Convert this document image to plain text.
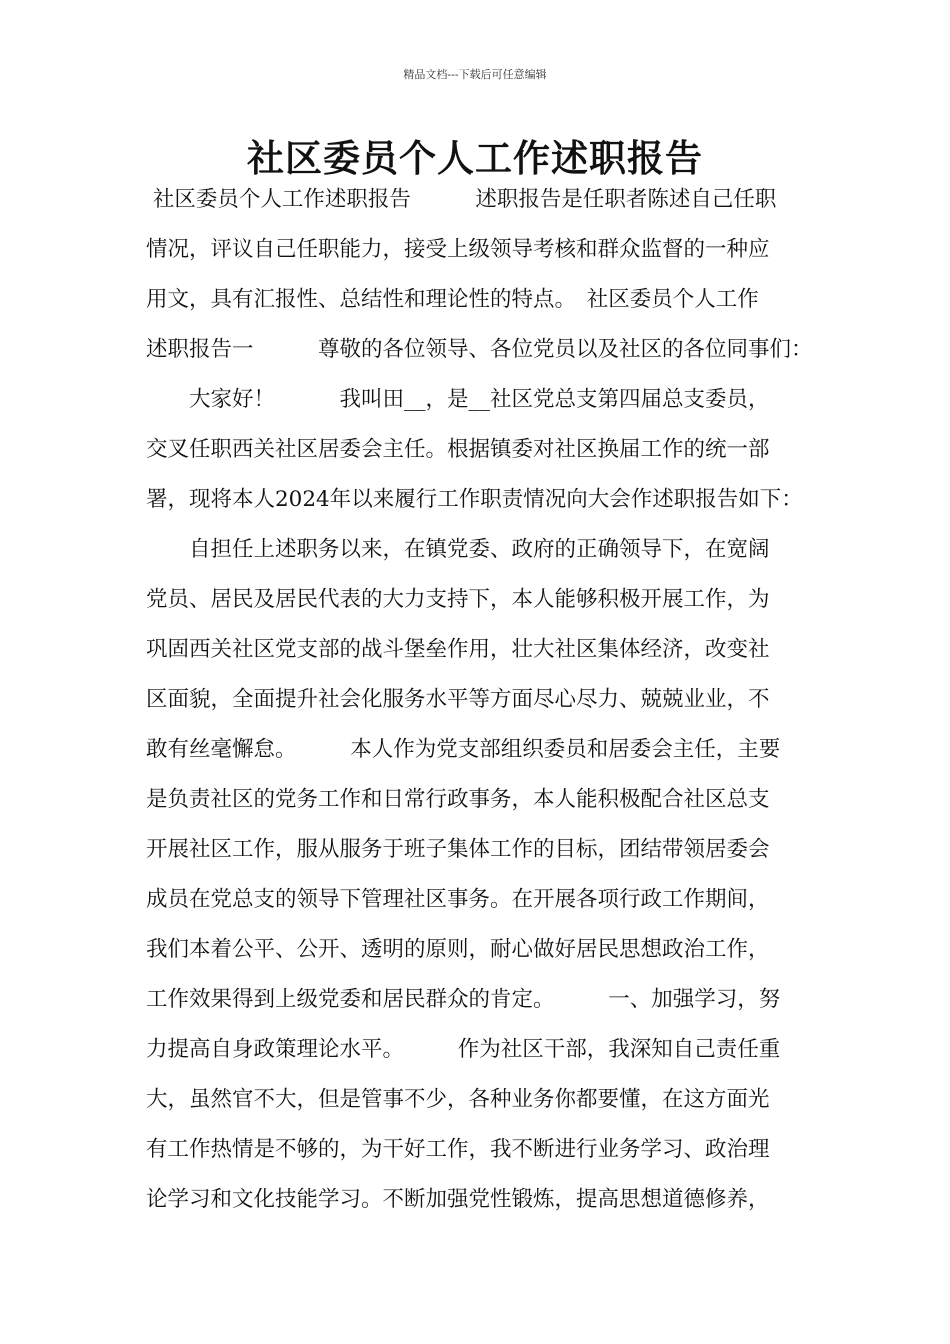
精品文档---下载后可任意编辑
社区委员个人工作述职报告
社区委员个人工作述职报告　　　述职报告是任职者陈述自己任职
情况，评议自己任职能力，接受上级领导考核和群众监督的一种应
用文，具有汇报性、总结性和理论性的特点。　社区委员个人工作
述职报告一　　　尊敬的各位领导、各位党员以及社区的各位同事们：
　　大家好！　　　我叫田__，是__社区党总支第四届总支委员，
交叉任职西关社区居委会主任。根据镇委对社区换届工作的统一部
署，现将本人2024年以来履行工作职责情况向大会作述职报告如下：
　　自担任上述职务以来，在镇党委、政府的正确领导下，在宽阔
党员、居民及居民代表的大力支持下，本人能够积极开展工作，为
巩固西关社区党支部的战斗堡垒作用，壮大社区集体经济，改变社
区面貌，全面提升社会化服务水平等方面尽心尽力、兢兢业业，不
敢有丝毫懈怠。　　　本人作为党支部组织委员和居委会主任，主要
是负责社区的党务工作和日常行政事务，本人能积极配合社区总支
开展社区工作，服从服务于班子集体工作的目标，团结带领居委会
成员在党总支的领导下管理社区事务。在开展各项行政工作期间，
我们本着公平、公开、透明的原则，耐心做好居民思想政治工作，
工作效果得到上级党委和居民群众的肯定。　　　一、加强学习，努
力提高自身政策理论水平。　　　作为社区干部，我深知自己责任重
大，虽然官不大，但是管事不少，各种业务你都要懂，在这方面光
有工作热情是不够的，为干好工作，我不断进行业务学习、政治理
论学习和文化技能学习。不断加强党性锻炼，提高思想道德修养，
